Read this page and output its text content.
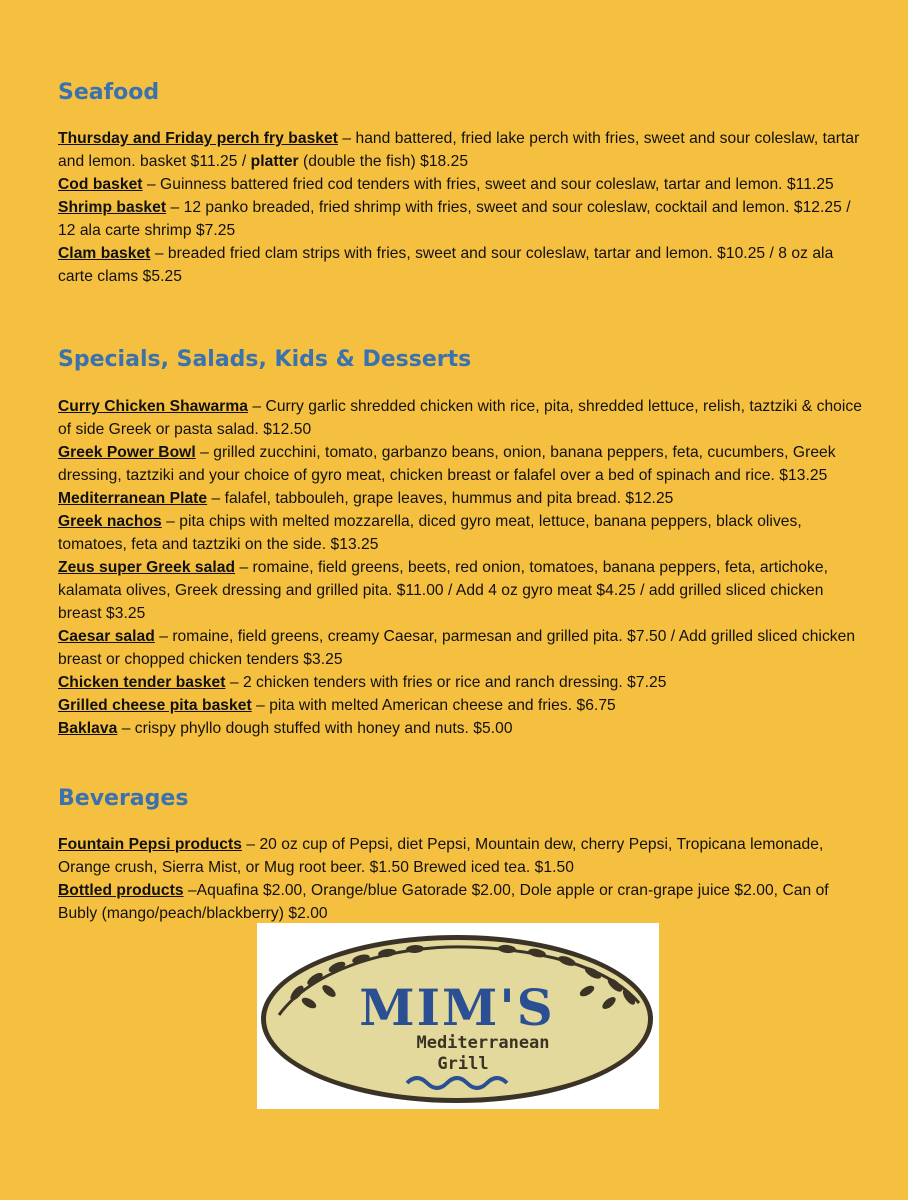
Seafood

Thursday and Friday perch fry basket – hand battered, fried lake perch with fries, sweet and sour coleslaw, tartar and lemon. basket $11.25 / platter (double the fish) $18.25

Cod basket – Guinness battered fried cod tenders with fries, sweet and sour coleslaw, tartar and lemon. $11.25

Shrimp basket – 12 panko breaded, fried shrimp with fries, sweet and sour coleslaw, cocktail and lemon. $12.25 / 12 ala carte shrimp $7.25

Clam basket – breaded fried clam strips with fries, sweet and sour coleslaw, tartar and lemon. $10.25 / 8 oz ala carte clams $5.25

Specials, Salads, Kids & Desserts

Curry Chicken Shawarma – Curry garlic shredded chicken with rice, pita, shredded lettuce, relish, taztziki & choice of side Greek or pasta salad. $12.50

Greek Power Bowl – grilled zucchini, tomato, garbanzo beans, onion, banana peppers, feta, cucumbers, Greek dressing, taztziki and your choice of gyro meat, chicken breast or falafel over a bed of spinach and rice. $13.25

Mediterranean Plate – falafel, tabbouleh, grape leaves, hummus and pita bread. $12.25

Greek nachos – pita chips with melted mozzarella, diced gyro meat, lettuce, banana peppers, black olives, tomatoes, feta and taztziki on the side. $13.25

Zeus super Greek salad – romaine, field greens, beets, red onion, tomatoes, banana peppers, feta, artichoke, kalamata olives, Greek dressing and grilled pita. $11.00 / Add 4 oz gyro meat $4.25 / add grilled sliced chicken breast $3.25

Caesar salad – romaine, field greens, creamy Caesar, parmesan and grilled pita. $7.50 / Add grilled sliced chicken breast or chopped chicken tenders $3.25

Chicken tender basket – 2 chicken tenders with fries or rice and ranch dressing. $7.25

Grilled cheese pita basket – pita with melted American cheese and fries. $6.75

Baklava – crispy phyllo dough stuffed with honey and nuts. $5.00

Beverages

Fountain Pepsi products – 20 oz cup of Pepsi, diet Pepsi, Mountain dew, cherry Pepsi, Tropicana lemonade, Orange crush, Sierra Mist, or Mug root beer. $1.50 Brewed iced tea. $1.50

Bottled products –Aquafina $2.00, Orange/blue Gatorade $2.00, Dole apple or cran-grape juice $2.00, Can of Bubly (mango/peach/blackberry) $2.00

MIM'S
Mediterranean
Grill
